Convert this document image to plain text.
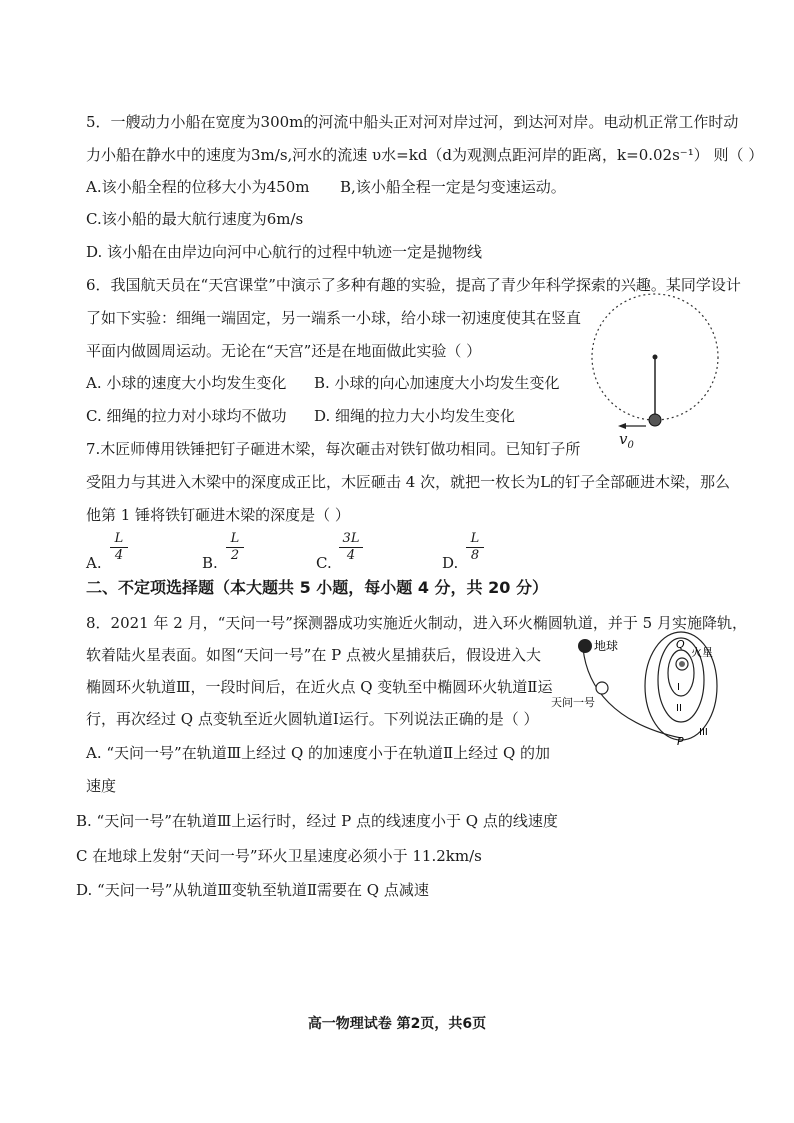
5．一艘动力小船在宽度为300m的河流中船头正对河对岸过河，到达河对岸。电动机正常工作时动
力小船在静水中的速度为3m/s,河水的流速 υ水=kd（d为观测点距河岸的距离，k=0.02s⁻¹） 则（ ）
A.该小船全程的位移大小为450m B,该小船全程一定是匀变速运动。
C.该小船的最大航行速度为6m/s
D. 该小船在由岸边向河中心航行的过程中轨迹一定是抛物线
6．我国航天员在“天宫课堂”中演示了多种有趣的实验，提高了青少年科学探索的兴趣。某同学设计
了如下实验：细绳一端固定，另一端系一小球，给小球一初速度使其在竖直
平面内做圆周运动。无论在“天宫”还是在地面做此实验（ ）
A. 小球的速度大小均发生变化 B. 小球的向心加速度大小均发生变化
C. 细绳的拉力对小球均不做功 D. 细绳的拉力大小均发生变化
$v_0$
7.木匠师傅用铁锤把钉子砸进木梁，每次砸击对铁钉做功相同。已知钉子所
受阻力与其进入木梁中的深度成正比，木匠砸击 4 次，就把一枚长为L的钉子全部砸进木梁，那么
他第 1 锤将铁钉砸进木梁的深度是（ ）
A.
L
4	B.
L
2	C.
3L
4	D.
L
8
二、不定项选择题（本大题共 5 小题，每小题 4 分，共 20 分）
8．2021 年 2 月，“天问一号”探测器成功实施近火制动，进入环火椭圆轨道，并于 5 月实施降轨，
软着陆火星表面。如图“天问一号”在 P 点被火星捕获后，假设进入大
椭圆环火轨道Ⅲ，一段时间后，在近火点 Q 变轨至中椭圆环火轨道Ⅱ运
行，再次经过 Q 点变轨至近火圆轨道Ⅰ运行。下列说法正确的是（ ）
A. “天问一号”在轨道Ⅲ上经过 Q 的加速度小于在轨道Ⅱ上经过 Q 的加
速度
B. “天问一号”在轨道Ⅲ上运行时，经过 P 点的线速度小于 Q 点的线速度
C 在地球上发射“天问一号”环火卫星速度必须小于 11.2km/s
D. “天问一号”从轨道Ⅲ变轨至轨道Ⅱ需要在 Q 点减速
地球	Q
火星
I
II
III
P
天问一号
高一物理试卷 第2页，共6页
